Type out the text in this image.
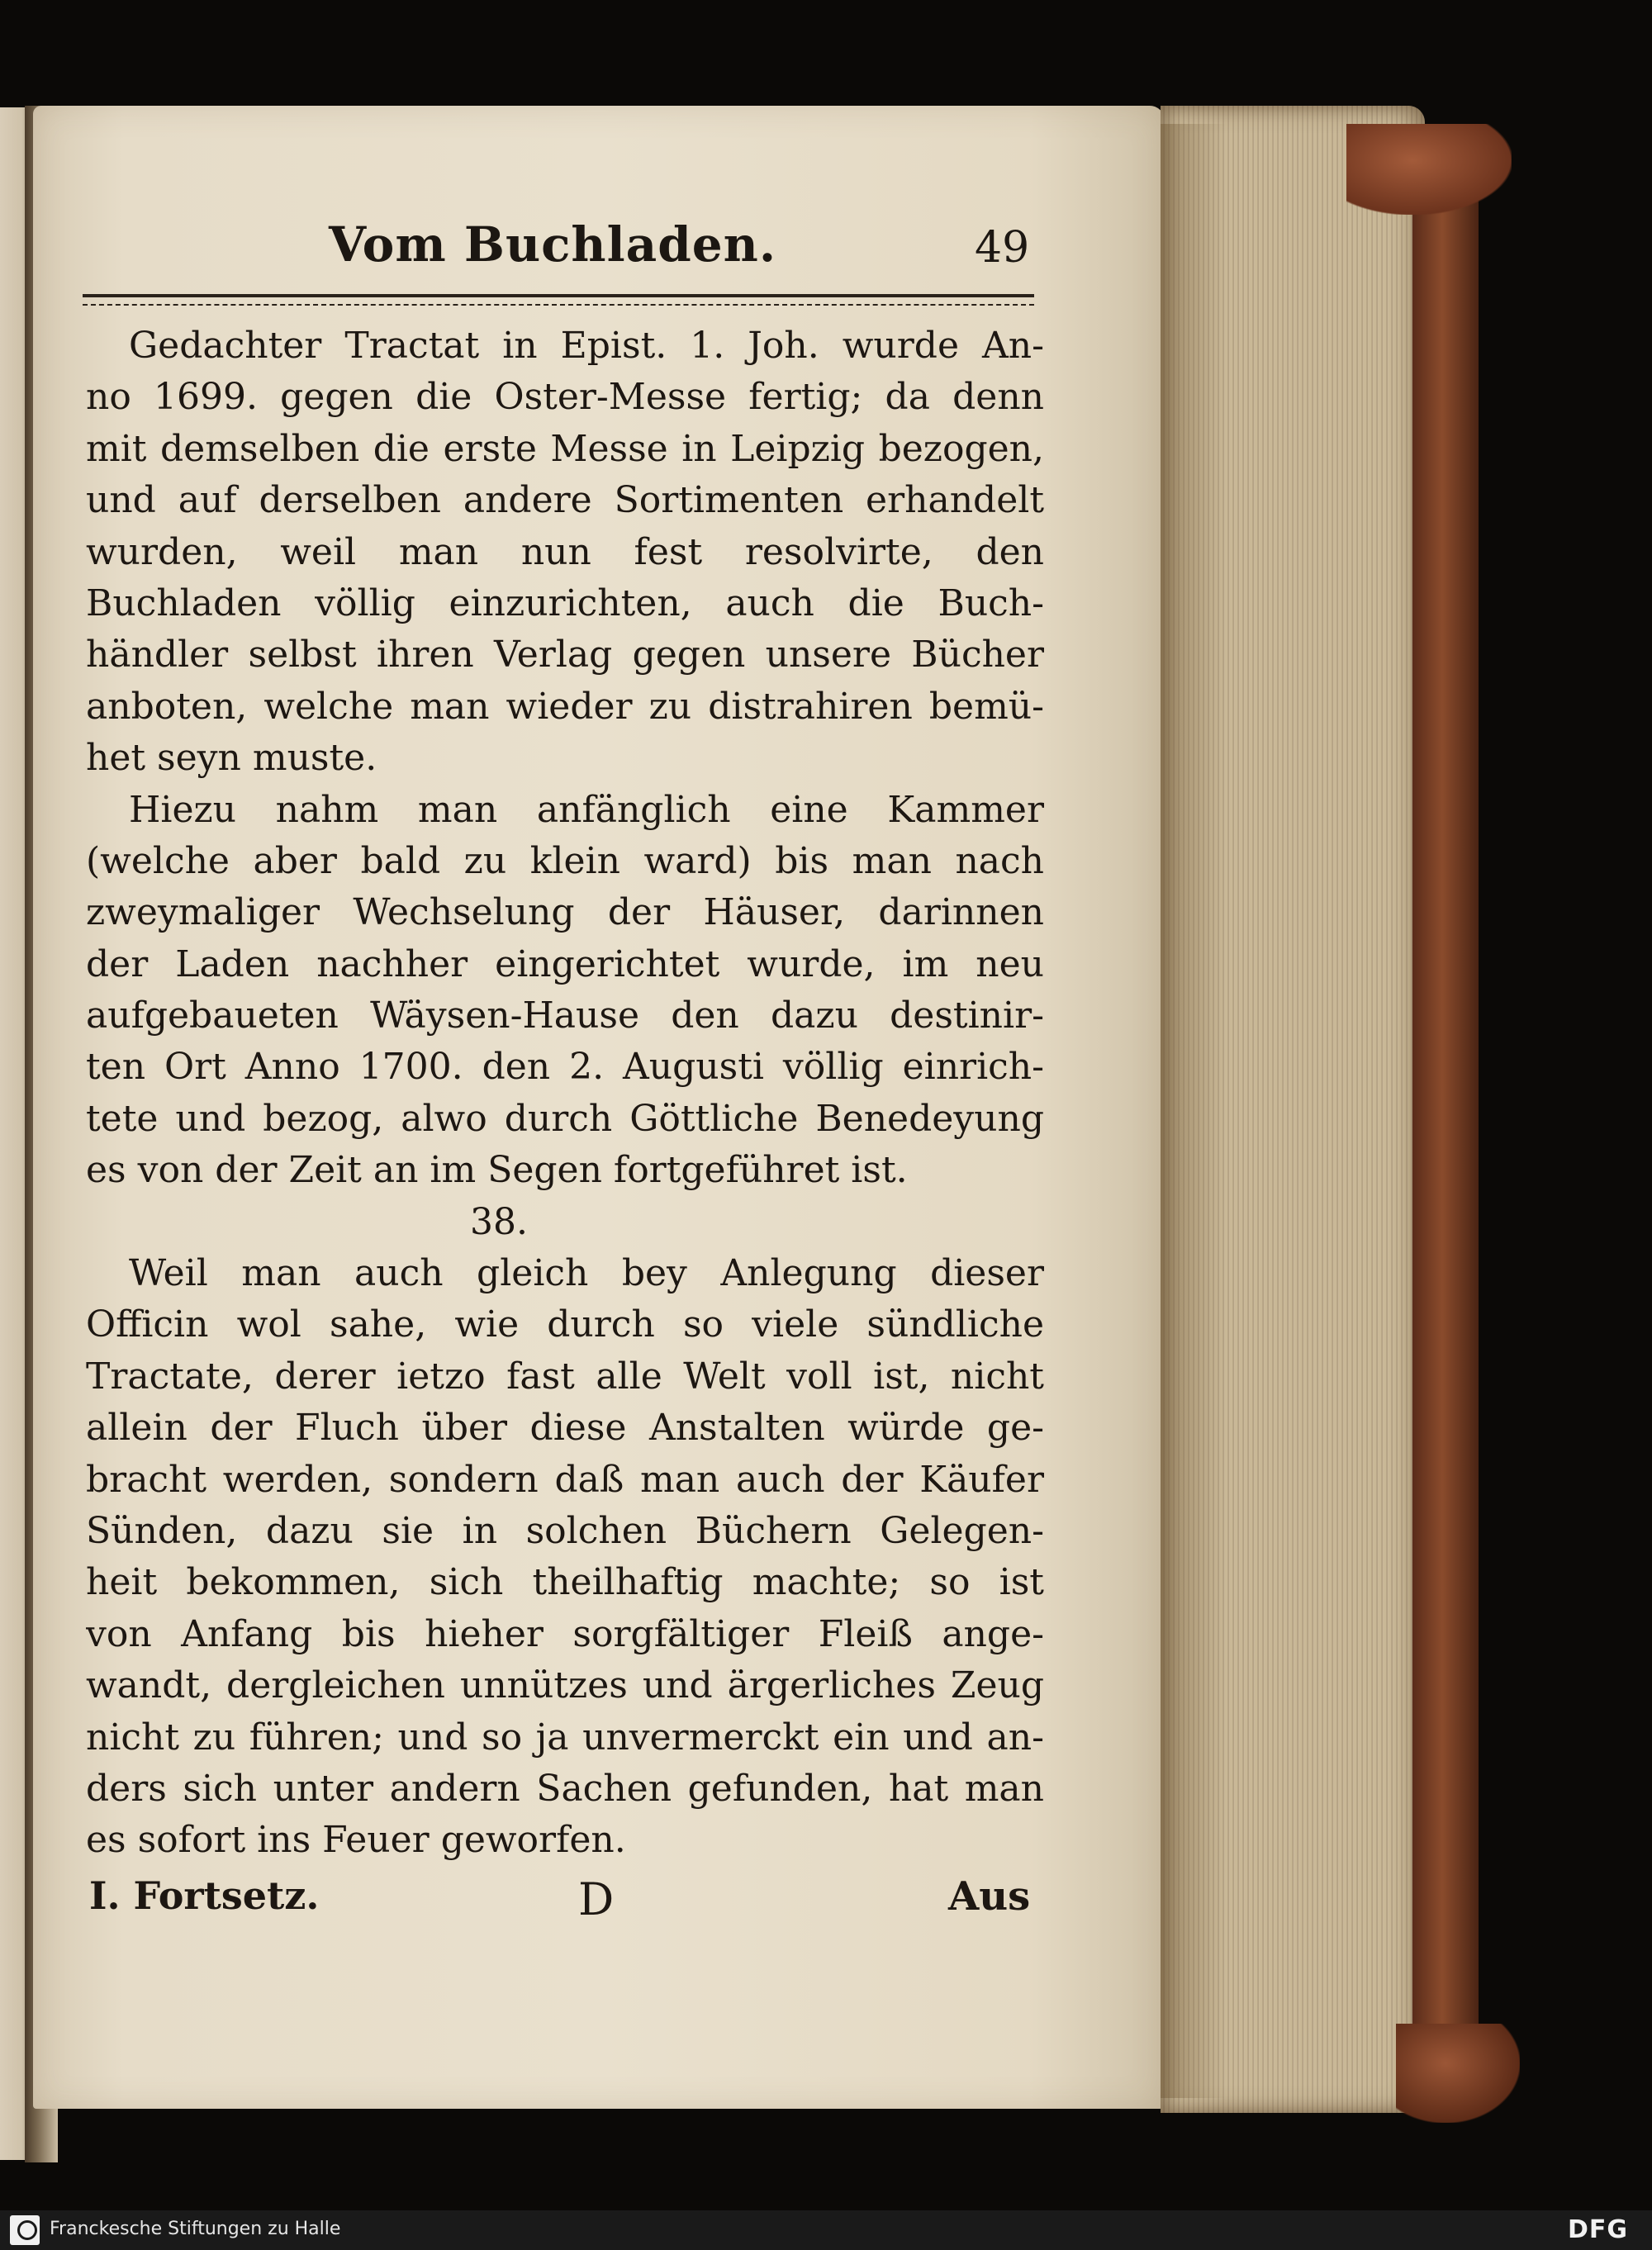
Vom Buchladen.	49
Gedachter Tractat in Epist. 1. Joh. wurde An-
no 1699. gegen die Oster-Messe fertig; da denn
mit demselben die erste Messe in Leipzig bezogen,
und auf derselben andere Sortimenten erhandelt
wurden, weil man nun fest resolvirte, den
Buchladen völlig einzurichten, auch die Buch-
händler selbst ihren Verlag gegen unsere Bücher
anboten, welche man wieder zu distrahiren bemü-
het seyn muste.
Hiezu nahm man anfänglich eine Kammer
(welche aber bald zu klein ward) bis man nach
zweymaliger Wechselung der Häuser, darinnen
der Laden nachher eingerichtet wurde, im neu
aufgebaueten Wäysen-Hause den dazu destinir-
ten Ort Anno 1700. den 2. Augusti völlig einrich-
tete und bezog, alwo durch Göttliche Benedeyung
es von der Zeit an im Segen fortgeführet ist.
38.
Weil man auch gleich bey Anlegung dieser
Officin wol sahe, wie durch so viele sündliche
Tractate, derer ietzo fast alle Welt voll ist, nicht
allein der Fluch über diese Anstalten würde ge-
bracht werden, sondern daß man auch der Käufer
Sünden, dazu sie in solchen Büchern Gelegen-
heit bekommen, sich theilhaftig machte; so ist
von Anfang bis hieher sorgfältiger Fleiß ange-
wandt, dergleichen unnützes und ärgerliches Zeug
nicht zu führen; und so ja unvermerckt ein und an-
ders sich unter andern Sachen gefunden, hat man
es sofort ins Feuer geworfen.
I. Fortsetz.	D	Aus
Franckesche Stiftungen zu Halle	DFG
